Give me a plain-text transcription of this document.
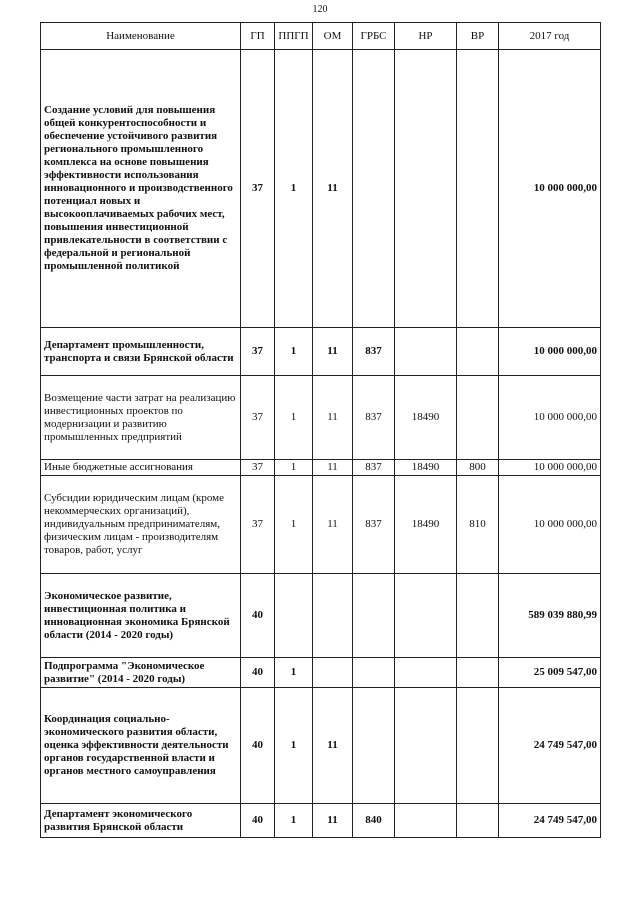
120
Наименование	ГП	ППГП	ОМ	ГРБС	НР	ВР	2017 год
Создание условий для повышения общей конкурентоспособности и обеспечение устойчивого развития регионального промышленного комплекса на основе повышения эффективности использования инновационного и производственного потенциал новых и высокооплачиваемых рабочих мест, повышения инвестиционной привлекательности в соответствии с федеральной и региональной промышленной политикой	37	1	11				10 000 000,00
Департамент промышленности, транспорта и связи Брянской области	37	1	11	837			10 000 000,00
Возмещение части затрат на реализацию инвестиционных проектов по модернизации и развитию промышленных предприятий	37	1	11	837	18490		10 000 000,00
Иные бюджетные ассигнования	37	1	11	837	18490	800	10 000 000,00
Субсидии юридическим лицам (кроме некоммерческих организаций), индивидуальным предпринимателям, физическим лицам - производителям товаров, работ, услуг	37	1	11	837	18490	810	10 000 000,00
Экономическое развитие, инвестиционная политика и инновационная экономика Брянской области (2014 - 2020 годы)	40						589 039 880,99
Подпрограмма "Экономическое развитие" (2014 - 2020 годы)	40	1					25 009 547,00
Координация социально-экономического развития области, оценка эффективности деятельности органов государственной власти и органов местного самоуправления	40	1	11				24 749 547,00
Департамент экономического развития Брянской области	40	1	11	840			24 749 547,00
